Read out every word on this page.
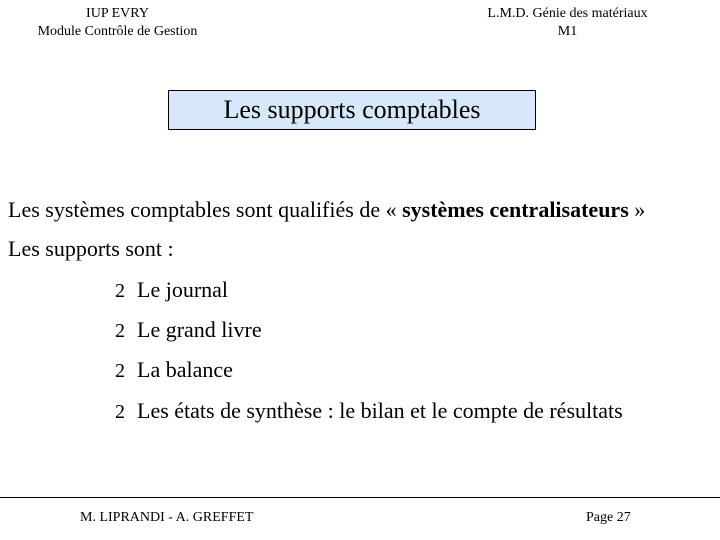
IUP EVRY
Module Contrôle de Gestion
L.M.D. Génie des matériaux
M1
Les supports comptables
Les systèmes comptables sont qualifiés de « systèmes centralisateurs »
Les supports sont :
2 Le journal
2 Le grand livre
2 La balance
2 Les états de synthèse : le bilan et le compte de résultats
M. LIPRANDI - A. GREFFET	Page 27
